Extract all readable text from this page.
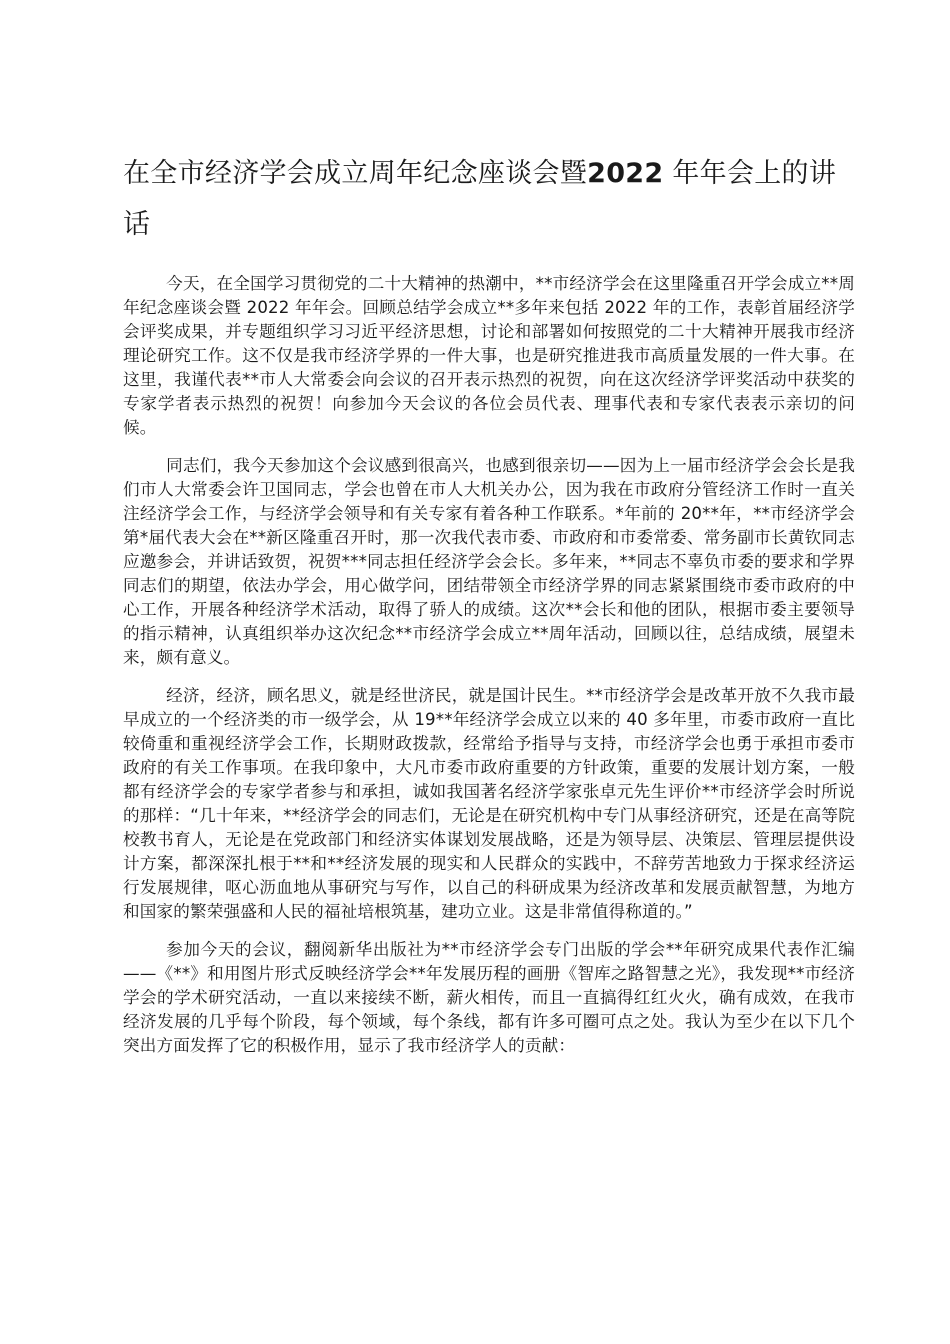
在全市经济学会成立周年纪念座谈会暨2022 年年会上的讲话

今天，在全国学习贯彻党的二十大精神的热潮中，**市经济学会在这里隆重召开学会成立**周年纪念座谈会暨 2022 年年会。回顾总结学会成立**多年来包括 2022 年的工作，表彰首届经济学会评奖成果，并专题组织学习习近平经济思想，讨论和部署如何按照党的二十大精神开展我市经济理论研究工作。这不仅是我市经济学界的一件大事，也是研究推进我市高质量发展的一件大事。在这里，我谨代表**市人大常委会向会议的召开表示热烈的祝贺，向在这次经济学评奖活动中获奖的专家学者表示热烈的祝贺！向参加今天会议的各位会员代表、理事代表和专家代表表示亲切的问候。

同志们，我今天参加这个会议感到很高兴，也感到很亲切——因为上一届市经济学会会长是我们市人大常委会许卫国同志，学会也曾在市人大机关办公，因为我在市政府分管经济工作时一直关注经济学会工作，与经济学会领导和有关专家有着各种工作联系。*年前的 20**年，**市经济学会第*届代表大会在**新区隆重召开时，那一次我代表市委、市政府和市委常委、常务副市长黄钦同志应邀参会，并讲话致贺，祝贺***同志担任经济学会会长。多年来，**同志不辜负市委的要求和学界同志们的期望，依法办学会，用心做学问，团结带领全市经济学界的同志紧紧围绕市委市政府的中心工作，开展各种经济学术活动，取得了骄人的成绩。这次**会长和他的团队，根据市委主要领导的指示精神，认真组织举办这次纪念**市经济学会成立**周年活动，回顾以往，总结成绩，展望未来，颇有意义。

经济，经济，顾名思义，就是经世济民，就是国计民生。**市经济学会是改革开放不久我市最早成立的一个经济类的市一级学会，从 19**年经济学会成立以来的 40 多年里，市委市政府一直比较倚重和重视经济学会工作，长期财政拨款，经常给予指导与支持，市经济学会也勇于承担市委市政府的有关工作事项。在我印象中，大凡市委市政府重要的方针政策，重要的发展计划方案，一般都有经济学会的专家学者参与和承担，诚如我国著名经济学家张卓元先生评价**市经济学会时所说的那样：“几十年来，**经济学会的同志们，无论是在研究机构中专门从事经济研究，还是在高等院校教书育人，无论是在党政部门和经济实体谋划发展战略，还是为领导层、决策层、管理层提供设计方案，都深深扎根于**和**经济发展的现实和人民群众的实践中，不辞劳苦地致力于探求经济运行发展规律，呕心沥血地从事研究与写作，以自己的科研成果为经济改革和发展贡献智慧，为地方和国家的繁荣强盛和人民的福祉培根筑基，建功立业。这是非常值得称道的。”

参加今天的会议，翻阅新华出版社为**市经济学会专门出版的学会**年研究成果代表作汇编——《**》和用图片形式反映经济学会**年发展历程的画册《智库之路智慧之光》，我发现**市经济学会的学术研究活动，一直以来接续不断，薪火相传，而且一直搞得红红火火，确有成效，在我市经济发展的几乎每个阶段，每个领域，每个条线，都有许多可圈可点之处。我认为至少在以下几个突出方面发挥了它的积极作用，显示了我市经济学人的贡献：
